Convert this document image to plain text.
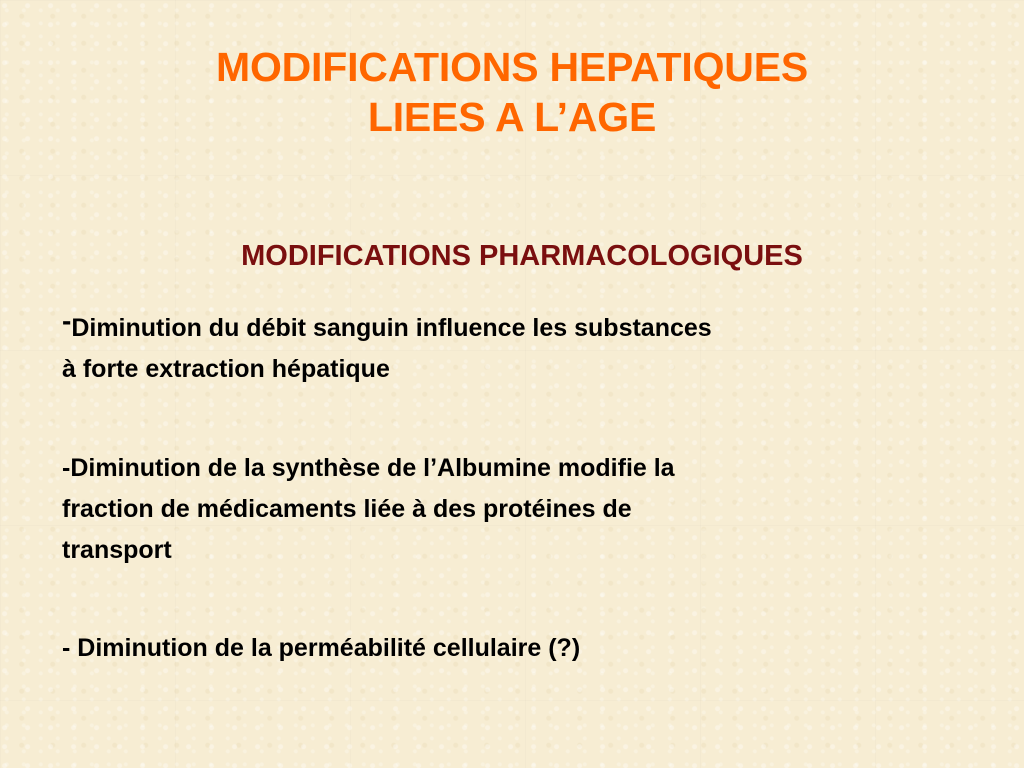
MODIFICATIONS HEPATIQUES
LIEES A L’AGE
MODIFICATIONS PHARMACOLOGIQUES

-Diminution du débit sanguin influence les substances
à forte extraction hépatique

-Diminution de la synthèse de l’Albumine modifie la
fraction de médicaments liée à des protéines de
transport

- Diminution de la perméabilité cellulaire (?)
